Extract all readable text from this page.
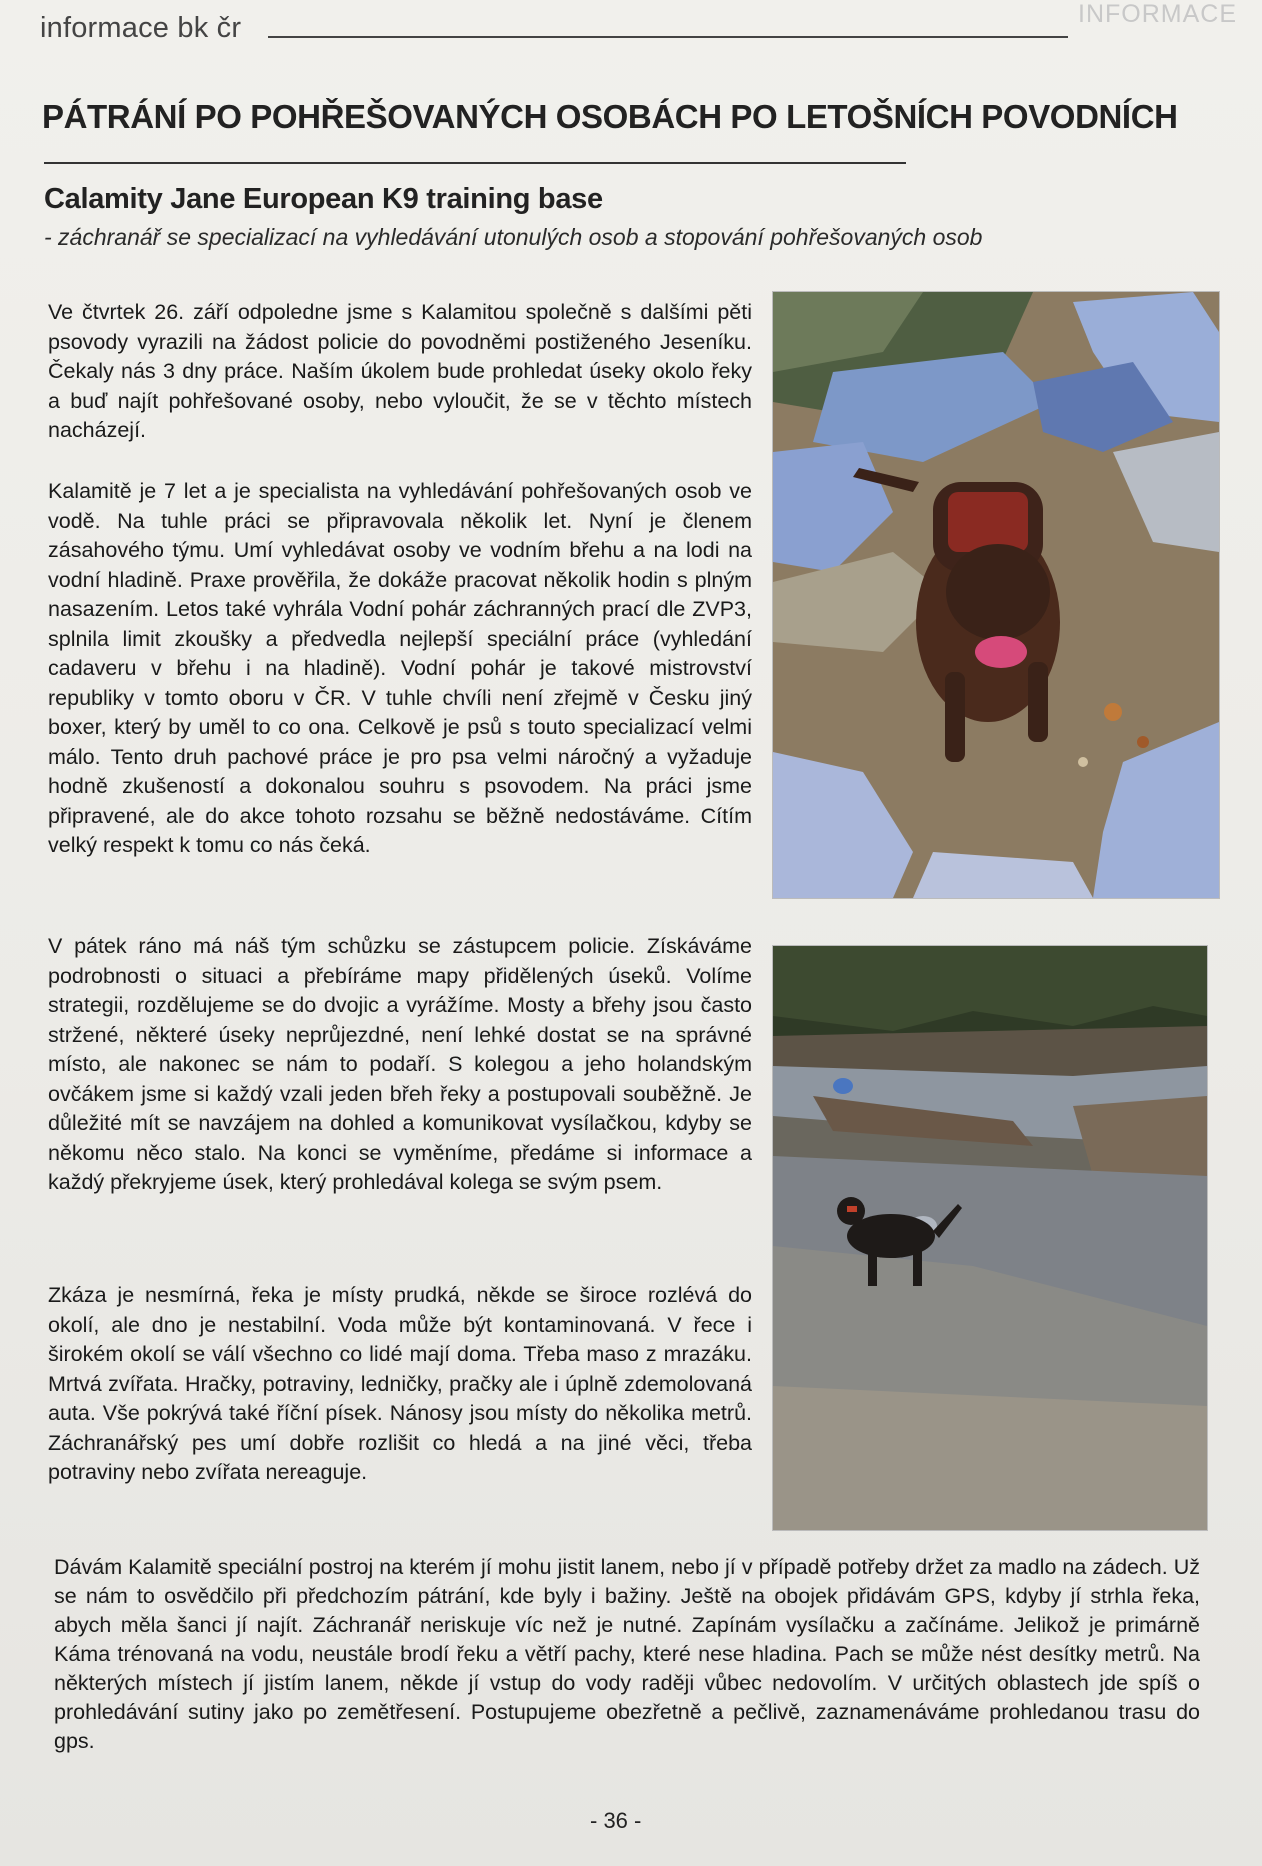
informace bk čr	INFORMACE
PÁTRÁNÍ PO POHŘEŠOVANÝCH OSOBÁCH PO LETOŠNÍCH POVODNÍCH
Calamity Jane European K9 training base
- záchranář se specializací na vyhledávání utonulých osob a stopování pohřešovaných osob

Ve čtvrtek 26. září odpoledne jsme s Kalamitou společně s dalšími pěti psovody vyrazili na žádost policie do povodněmi postiženého Jeseníku. Čekaly nás 3 dny práce. Naším úkolem bude prohledat úseky okolo řeky a buď najít pohřešované osoby, nebo vyloučit, že se v těchto místech nacházejí.

Kalamitě je 7 let a je specialista na vyhledávání pohřešovaných osob ve vodě. Na tuhle práci se připravovala několik let. Nyní je členem zásahového týmu. Umí vyhledávat osoby ve vodním břehu a na lodi na vodní hladině. Praxe prověřila, že dokáže pracovat několik hodin s plným nasazením. Letos také vyhrála Vodní pohár záchranných prací dle ZVP3, splnila limit zkoušky a předvedla nejlepší speciální práce (vyhledání cadaveru v břehu i na hladině). Vodní pohár je takové mistrovství republiky v tomto oboru v ČR. V tuhle chvíli není zřejmě v Česku jiný boxer, který by uměl to co ona. Celkově je psů s touto specializací velmi málo. Tento druh pachové práce je pro psa velmi náročný a vyžaduje hodně zkušeností a dokonalou souhru s psovodem. Na práci jsme připravené, ale do akce tohoto rozsahu se běžně nedostáváme. Cítím velký respekt k tomu co nás čeká.

V pátek ráno má náš tým schůzku se zástupcem policie. Získáváme podrobnosti o situaci a přebíráme mapy přidělených úseků. Volíme strategii, rozdělujeme se do dvojic a vyrážíme. Mosty a břehy jsou často stržené, některé úseky neprůjezdné, není lehké dostat se na správné místo, ale nakonec se nám to podaří. S kolegou a jeho holandským ovčákem jsme si každý vzali jeden břeh řeky a postupovali souběžně. Je důležité mít se navzájem na dohled a komunikovat vysílačkou, kdyby se někomu něco stalo. Na konci se vyměníme, předáme si informace a každý překryjeme úsek, který prohledával kolega se svým psem.

Zkáza je nesmírná, řeka je místy prudká, někde se široce rozlévá do okolí, ale dno je nestabilní. Voda může být kontaminovaná. V řece i širokém okolí se válí všechno co lidé mají doma. Třeba maso z mrazáku. Mrtvá zvířata. Hračky, potraviny, ledničky, pračky ale i úplně zdemolovaná auta. Vše pokrývá také říční písek. Nánosy jsou místy do několika metrů. Záchranářský pes umí dobře rozlišit co hledá a na jiné věci, třeba potraviny nebo zvířata nereaguje.

Dávám Kalamitě speciální postroj na kterém jí mohu jistit lanem, nebo jí v případě potřeby držet za madlo na zádech. Už se nám to osvědčilo při předchozím pátrání, kde byly i bažiny. Ještě na obojek přidávám GPS, kdyby jí strhla řeka, abych měla šanci jí najít. Záchranář neriskuje víc než je nutné. Zapínám vysílačku a začínáme. Jelikož je primárně Káma trénovaná na vodu, neustále brodí řeku a větří pachy, které nese hladina. Pach se může nést desítky metrů. Na některých místech jí jistím lanem, někde jí vstup do vody raději vůbec nedovolím. V určitých oblastech jde spíš o prohledávání sutiny jako po zemětřesení. Postupujeme obezřetně a pečlivě, zaznamenáváme prohledanou trasu do gps.

- 36 -
